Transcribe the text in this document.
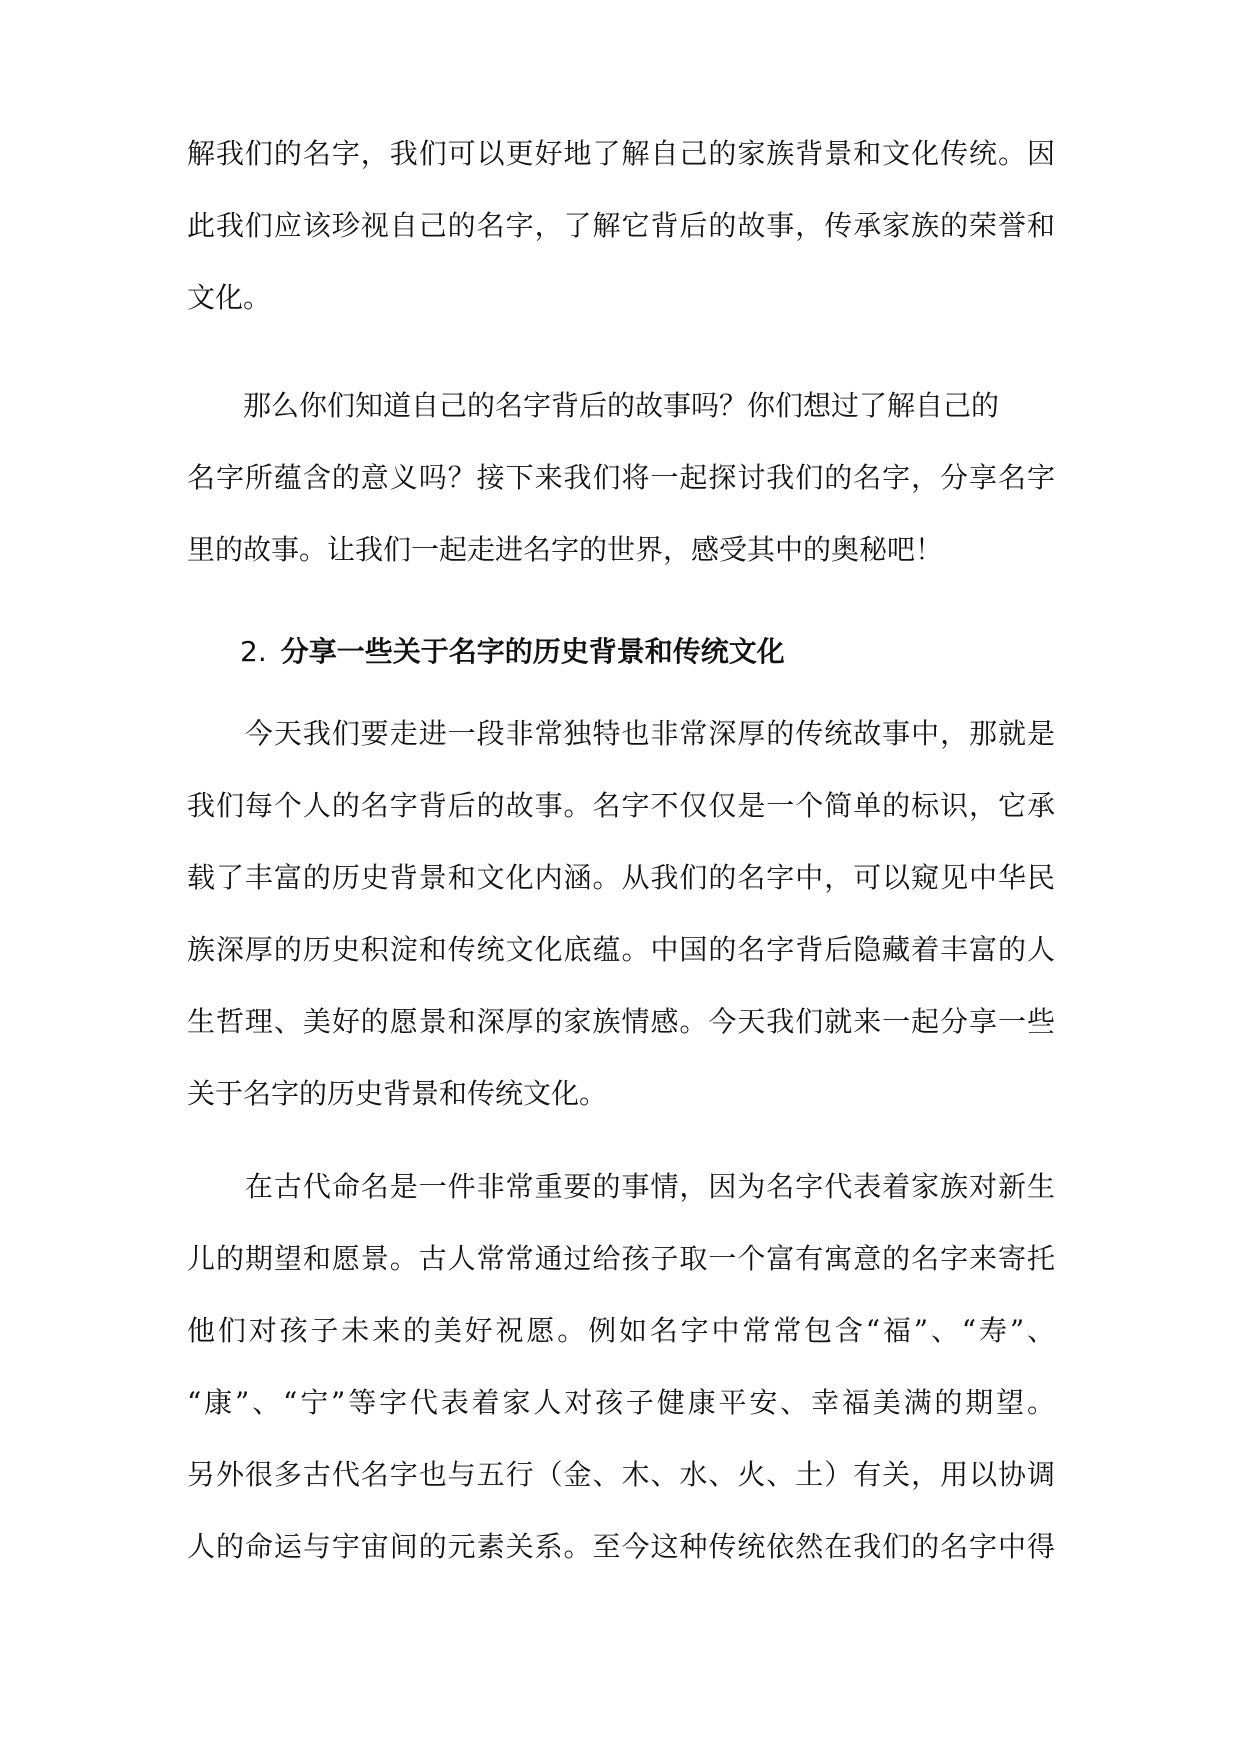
解我们的名字，我们可以更好地了解自己的家族背景和文化传统。因
此我们应该珍视自己的名字，了解它背后的故事，传承家族的荣誉和
文化。
　　那么你们知道自己的名字背后的故事吗？你们想过了解自己的
名字所蕴含的意义吗？接下来我们将一起探讨我们的名字，分享名字
里的故事。让我们一起走进名字的世界，感受其中的奥秘吧！
2. 分享一些关于名字的历史背景和传统文化
　　今天我们要走进一段非常独特也非常深厚的传统故事中，那就是
我们每个人的名字背后的故事。名字不仅仅是一个简单的标识，它承
载了丰富的历史背景和文化内涵。从我们的名字中，可以窥见中华民
族深厚的历史积淀和传统文化底蕴。中国的名字背后隐藏着丰富的人
生哲理、美好的愿景和深厚的家族情感。今天我们就来一起分享一些
关于名字的历史背景和传统文化。
　　在古代命名是一件非常重要的事情，因为名字代表着家族对新生
儿的期望和愿景。古人常常通过给孩子取一个富有寓意的名字来寄托
他们对孩子未来的美好祝愿。例如名字中常常包含“福”、“寿”、
“康”、“宁”等字代表着家人对孩子健康平安、幸福美满的期望。
另外很多古代名字也与五行（金、木、水、火、土）有关，用以协调
人的命运与宇宙间的元素关系。至今这种传统依然在我们的名字中得
